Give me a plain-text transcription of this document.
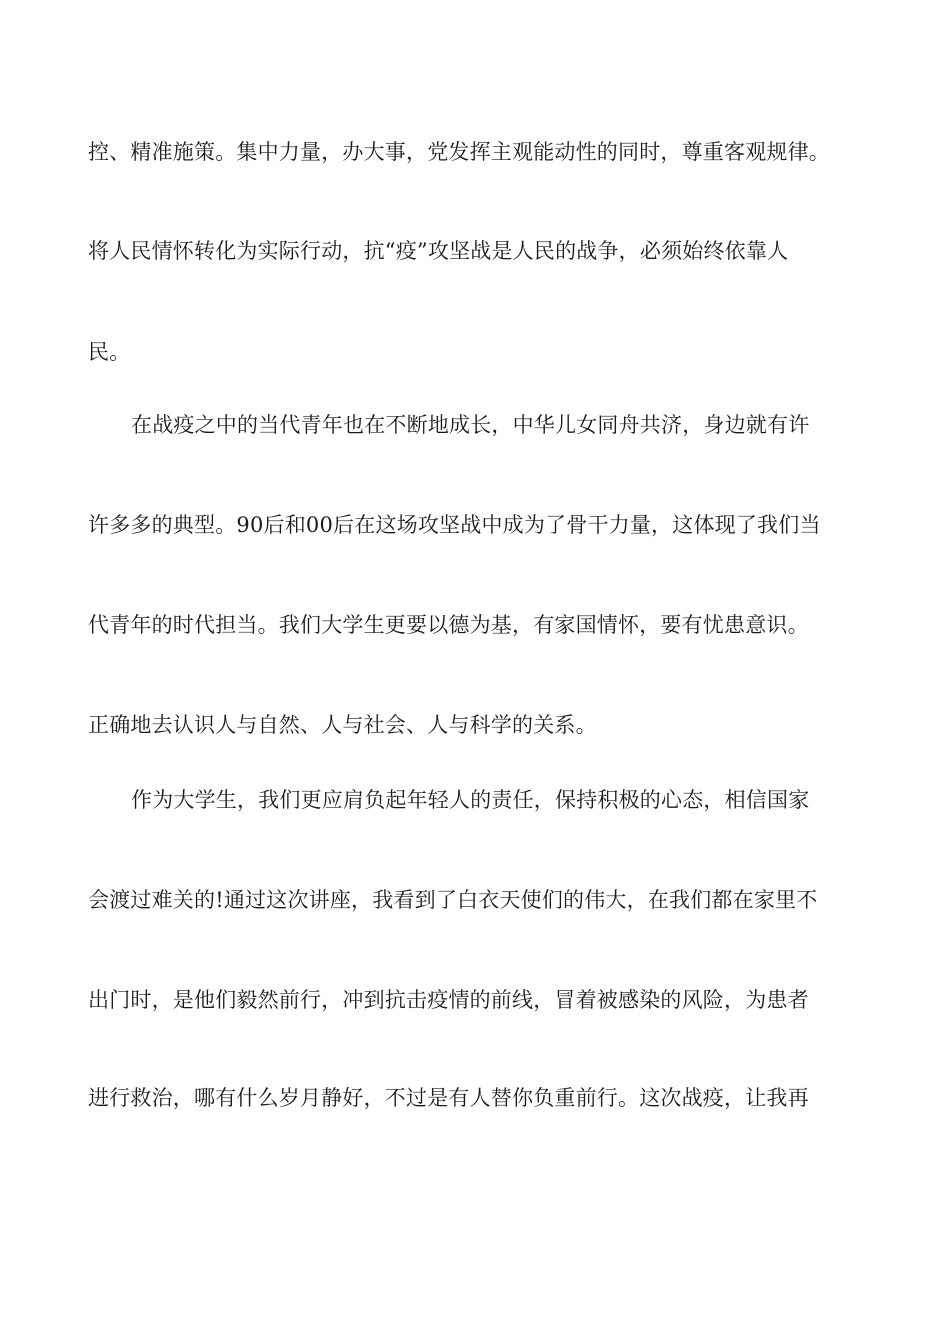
控、精准施策。集中力量，办大事，党发挥主观能动性的同时，尊重客观规律。
将人民情怀转化为实际行动，抗“疫”攻坚战是人民的战争，必须始终依靠人
民。
在战疫之中的当代青年也在不断地成长，中华儿女同舟共济，身边就有许
许多多的典型。90后和00后在这场攻坚战中成为了骨干力量，这体现了我们当
代青年的时代担当。我们大学生更要以德为基，有家国情怀，要有忧患意识。
正确地去认识人与自然、人与社会、人与科学的关系。
作为大学生，我们更应肩负起年轻人的责任，保持积极的心态，相信国家
会渡过难关的!通过这次讲座，我看到了白衣天使们的伟大，在我们都在家里不
出门时，是他们毅然前行，冲到抗击疫情的前线，冒着被感染的风险，为患者
进行救治，哪有什么岁月静好，不过是有人替你负重前行。这次战疫，让我再
